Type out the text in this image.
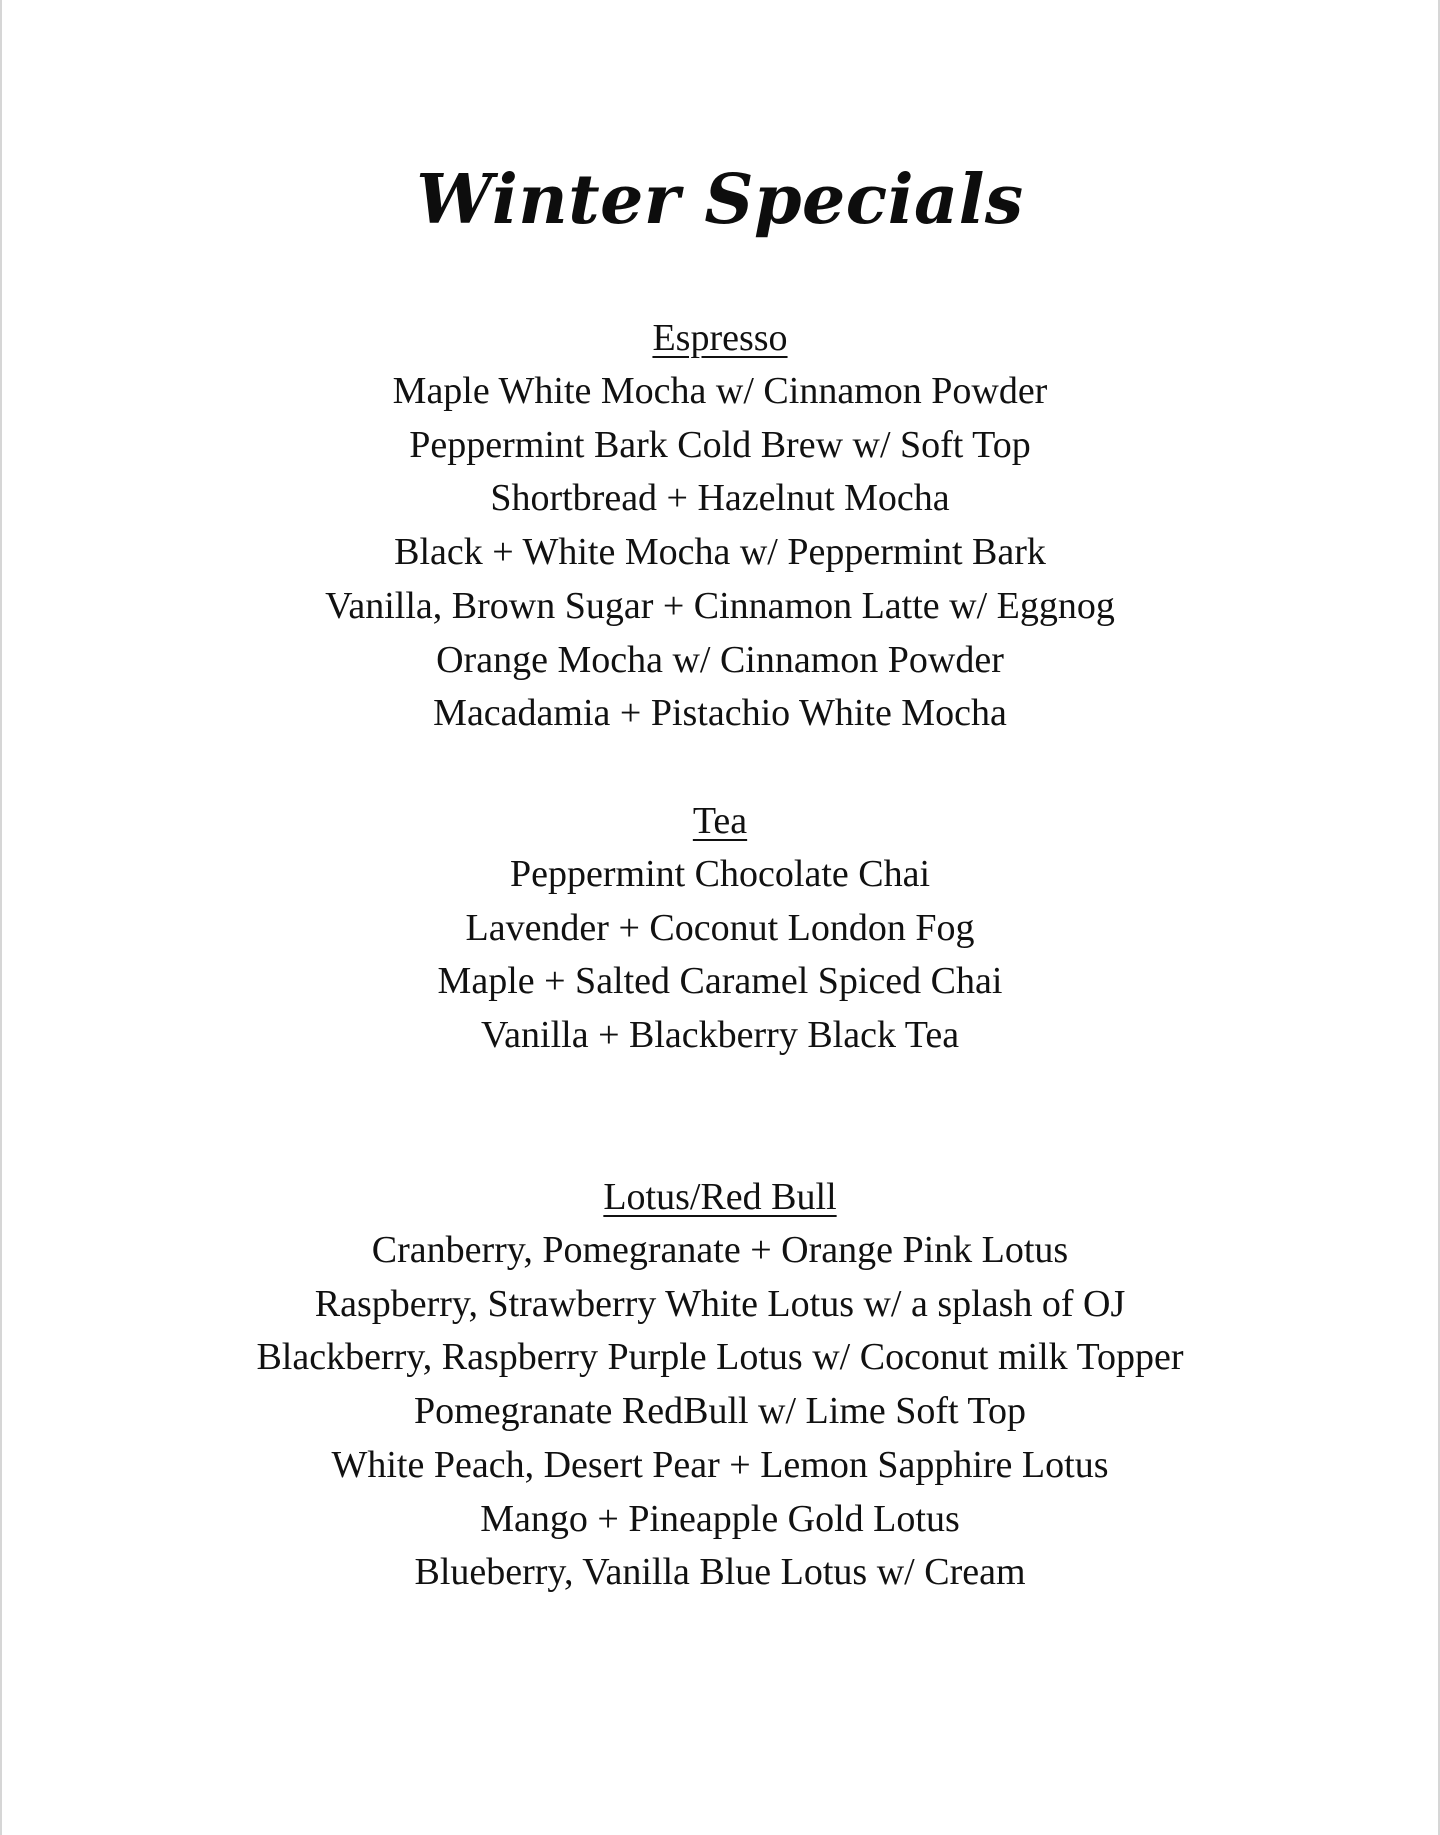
Winter Specials
Espresso
Maple White Mocha w/ Cinnamon Powder
Peppermint Bark Cold Brew w/ Soft Top
Shortbread + Hazelnut Mocha
Black + White Mocha w/ Peppermint Bark
Vanilla, Brown Sugar + Cinnamon Latte w/ Eggnog
Orange Mocha w/ Cinnamon Powder
Macadamia + Pistachio White Mocha
Tea
Peppermint Chocolate Chai
Lavender + Coconut London Fog
Maple + Salted Caramel Spiced Chai
Vanilla + Blackberry Black Tea
Lotus/Red Bull
Cranberry, Pomegranate + Orange Pink Lotus
Raspberry, Strawberry White Lotus w/ a splash of OJ
Blackberry, Raspberry Purple Lotus w/ Coconut milk Topper
Pomegranate RedBull w/ Lime Soft Top
White Peach, Desert Pear + Lemon Sapphire Lotus
Mango + Pineapple Gold Lotus
Blueberry, Vanilla Blue Lotus w/ Cream
